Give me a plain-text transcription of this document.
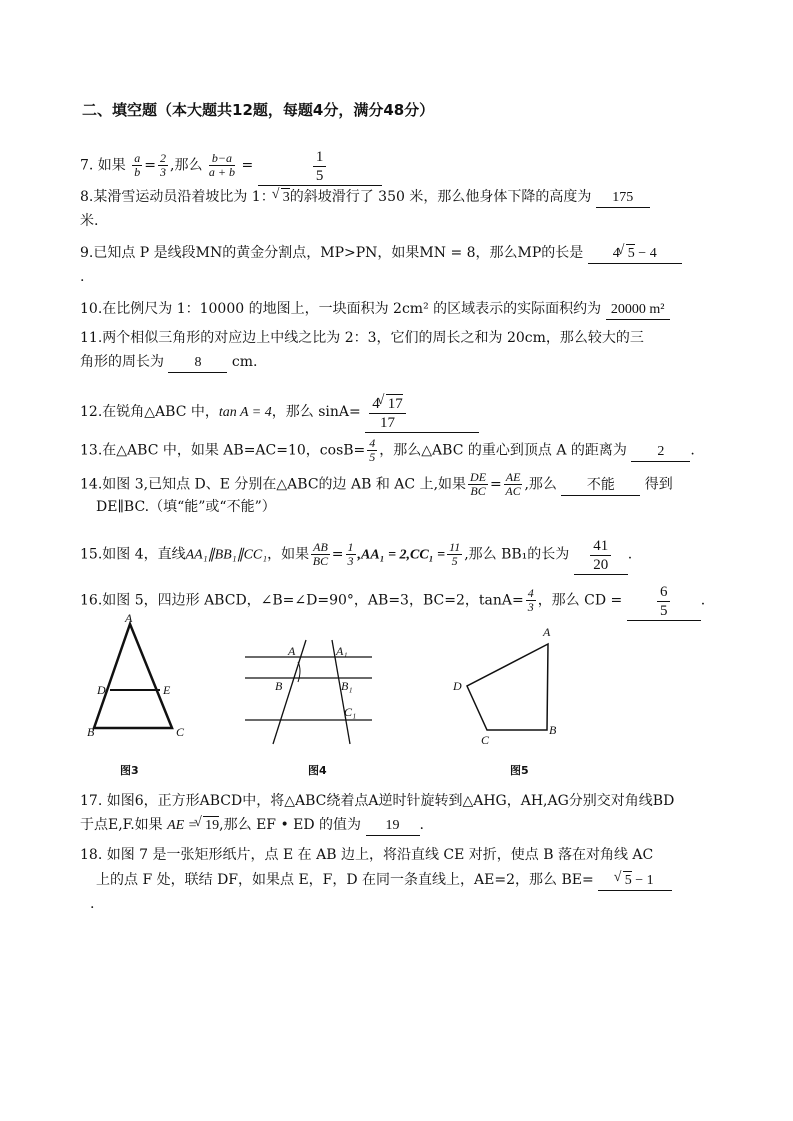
二、填空题（本大题共12题，每题4分，满分48分）
7. 如果 $\frac{a}{b} = \frac{2}{3}$ ,那么 $\frac{b-a}{a + b}$ =	$\frac{1}{5}$
8.某滑雪运动员沿着坡比为 1： √ 3的斜坡滑行了 350 米，那么他身体下降的高度为 175
米.
9.已知点 P 是线段MN的黄金分割点，MP>PN，如果MN = 8，那么MP的长是 4 √ 5 − 4
.
10.在比例尺为 1：10000 的地图上，一块面积为 2cm² 的区域表示的实际面积约为 20000 m²
11.两个相似三角形的对应边上中线之比为 2：3，它们的周长之和为 20cm，那么较大的三
角形的周长为 8 cm.
12.在锐角△ABC 中，tan A = 4，那么 $\sin A= \frac{4 √ 17}{17}$
13.在△ABC 中，如果 AB=AC=10，$\cos B= \frac{4}{5}$ ，那么△ABC 的重心到顶点 A 的距离为 2 .
14.如图 3,已知点 D、E 分别在△ABC的边 AB 和 AC 上,如果 $\frac{DE}{BC} = \frac{AE}{AC}$ ,那么 不能 得到
DE∥BC.（填“能”或“不能”）
15.如图 4，直线AA₁∥BB₁∥CC₁，如果 $\frac{AB}{BC} = \frac{1}{3} ,AA_1 = 2,CC_1 = \frac{11}{5}$ ,那么 BB₁的长为 $\frac{41}{20}$ .
16.如图 5，四边形 ABCD，∠B=∠D=90°，AB=3，BC=2，$\tan A= \frac{4}{3}$ ，那么 CD = $\frac{6}{5}$ .
A
D	E
B	C
图3
A	A₁
B	B₁
C₁
图4
A
D
B
C
图5
17. 如图6，正方形ABCD中，将△ABC绕着点A逆时针旋转到△AHG，AH,AG分别交对角线BD
于点E,F.如果 AE = √ 19,那么 EF • ED 的值为 19 .
18. 如图 7 是一张矩形纸片，点 E 在 AB 边上，将沿直线 CE 对折，使点 B 落在对角线 AC
上的点 F 处，联结 DF，如果点 E，F，D 在同一条直线上，AE=2，那么 BE= √ 5 − 1
.
